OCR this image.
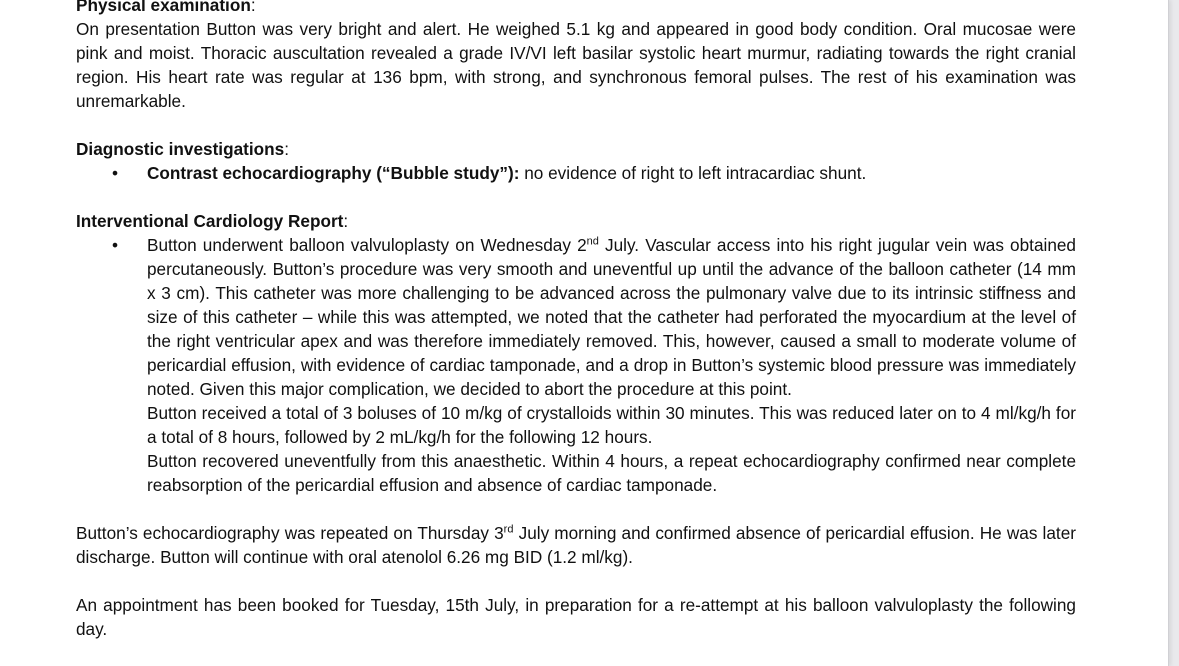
Physical examination:

On presentation Button was very bright and alert. He weighed 5.1 kg and appeared in good body condition. Oral mucosae were pink and moist. Thoracic auscultation revealed a grade IV/VI left basilar systolic heart murmur, radiating towards the right cranial region. His heart rate was regular at 136 bpm, with strong, and synchronous femoral pulses. The rest of his examination was unremarkable.

Diagnostic investigations:

• Contrast echocardiography (“Bubble study”): no evidence of right to left intracardiac shunt.

Interventional Cardiology Report:

• Button underwent balloon valvuloplasty on Wednesday 2nd July. Vascular access into his right jugular vein was obtained percutaneously. Button’s procedure was very smooth and uneventful up until the advance of the balloon catheter (14 mm x 3 cm). This catheter was more challenging to be advanced across the pulmonary valve due to its intrinsic stiffness and size of this catheter – while this was attempted, we noted that the catheter had perforated the myocardium at the level of the right ventricular apex and was therefore immediately removed. This, however, caused a small to moderate volume of pericardial effusion, with evidence of cardiac tamponade, and a drop in Button’s systemic blood pressure was immediately noted. Given this major complication, we decided to abort the procedure at this point.

Button received a total of 3 boluses of 10 m/kg of crystalloids within 30 minutes. This was reduced later on to 4 ml/kg/h for a total of 8 hours, followed by 2 mL/kg/h for the following 12 hours.

Button recovered uneventfully from this anaesthetic. Within 4 hours, a repeat echocardiography confirmed near complete reabsorption of the pericardial effusion and absence of cardiac tamponade.

Button’s echocardiography was repeated on Thursday 3rd July morning and confirmed absence of pericardial effusion. He was later discharge. Button will continue with oral atenolol 6.26 mg BID (1.2 ml/kg).

An appointment has been booked for Tuesday, 15th July, in preparation for a re-attempt at his balloon valvuloplasty the following day.
